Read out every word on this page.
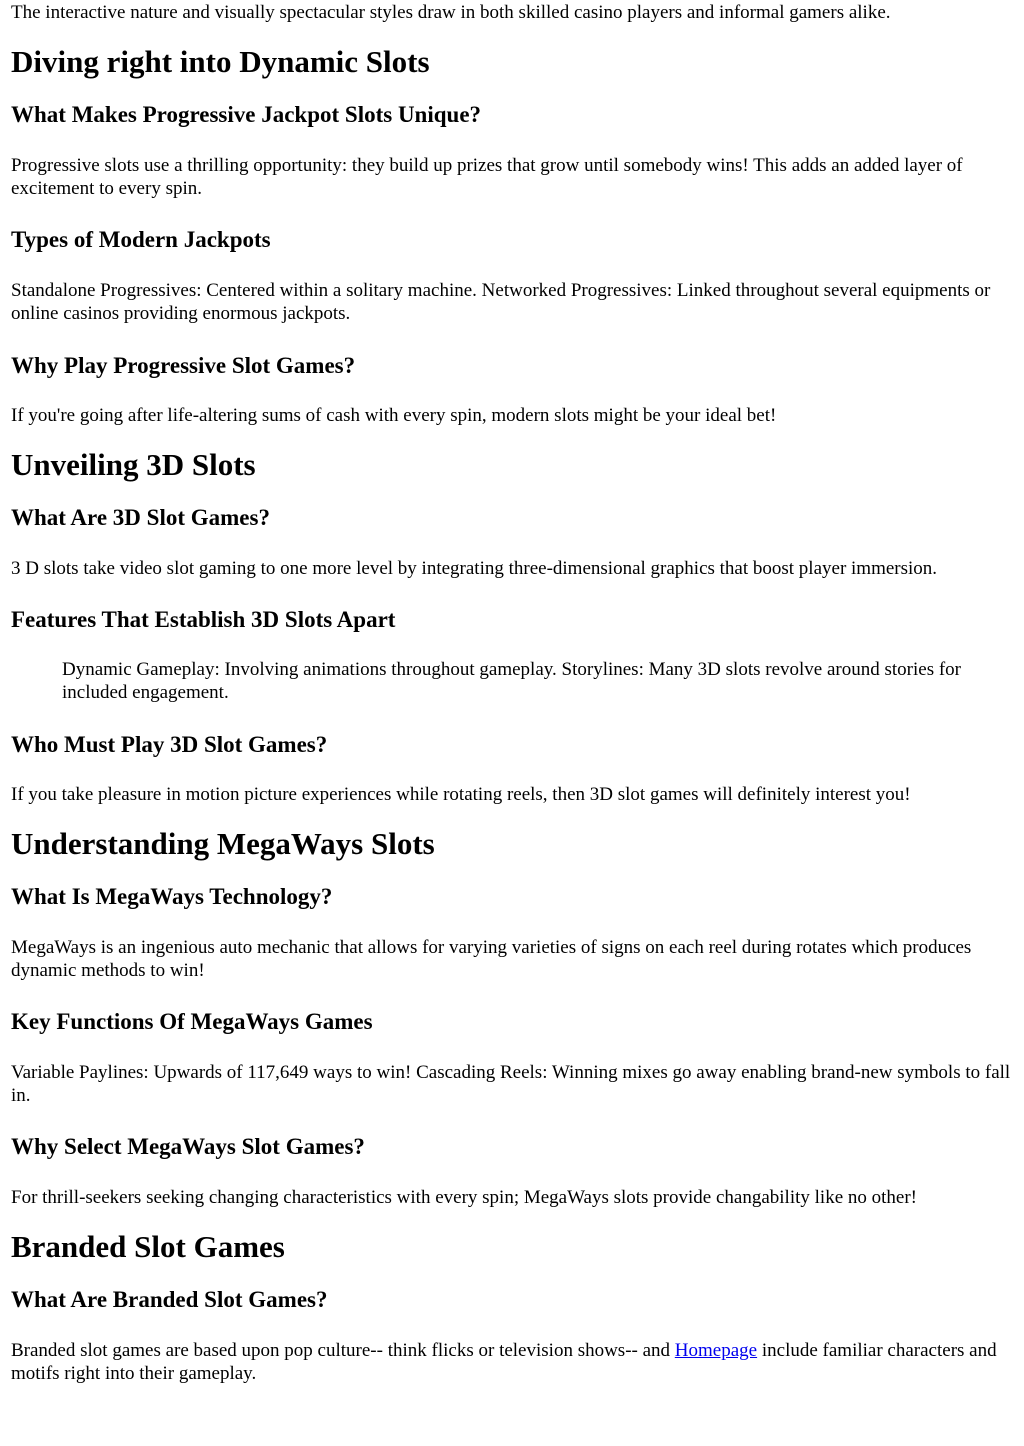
The interactive nature and visually spectacular styles draw in both skilled casino players and informal gamers alike.

Diving right into Dynamic Slots
What Makes Progressive Jackpot Slots Unique?

Progressive slots use a thrilling opportunity: they build up prizes that grow until somebody wins! This adds an added layer of excitement to every spin.

Types of Modern Jackpots

Standalone Progressives: Centered within a solitary machine. Networked Progressives: Linked throughout several equipments or online casinos providing enormous jackpots.

Why Play Progressive Slot Games?

If you're going after life-altering sums of cash with every spin, modern slots might be your ideal bet!

Unveiling 3D Slots
What Are 3D Slot Games?

3 D slots take video slot gaming to one more level by integrating three-dimensional graphics that boost player immersion.

Features That Establish 3D Slots Apart

Dynamic Gameplay: Involving animations throughout gameplay. Storylines: Many 3D slots revolve around stories for included engagement.

Who Must Play 3D Slot Games?

If you take pleasure in motion picture experiences while rotating reels, then 3D slot games will definitely interest you!

Understanding MegaWays Slots
What Is MegaWays Technology?

MegaWays is an ingenious auto mechanic that allows for varying varieties of signs on each reel during rotates which produces dynamic methods to win!

Key Functions Of MegaWays Games

Variable Paylines: Upwards of 117,649 ways to win! Cascading Reels: Winning mixes go away enabling brand-new symbols to fall in.

Why Select MegaWays Slot Games?

For thrill-seekers seeking changing characteristics with every spin; MegaWays slots provide changability like no other!

Branded Slot Games
What Are Branded Slot Games?

Branded slot games are based upon pop culture-- think flicks or television shows-- and Homepage include familiar characters and motifs right into their gameplay.
